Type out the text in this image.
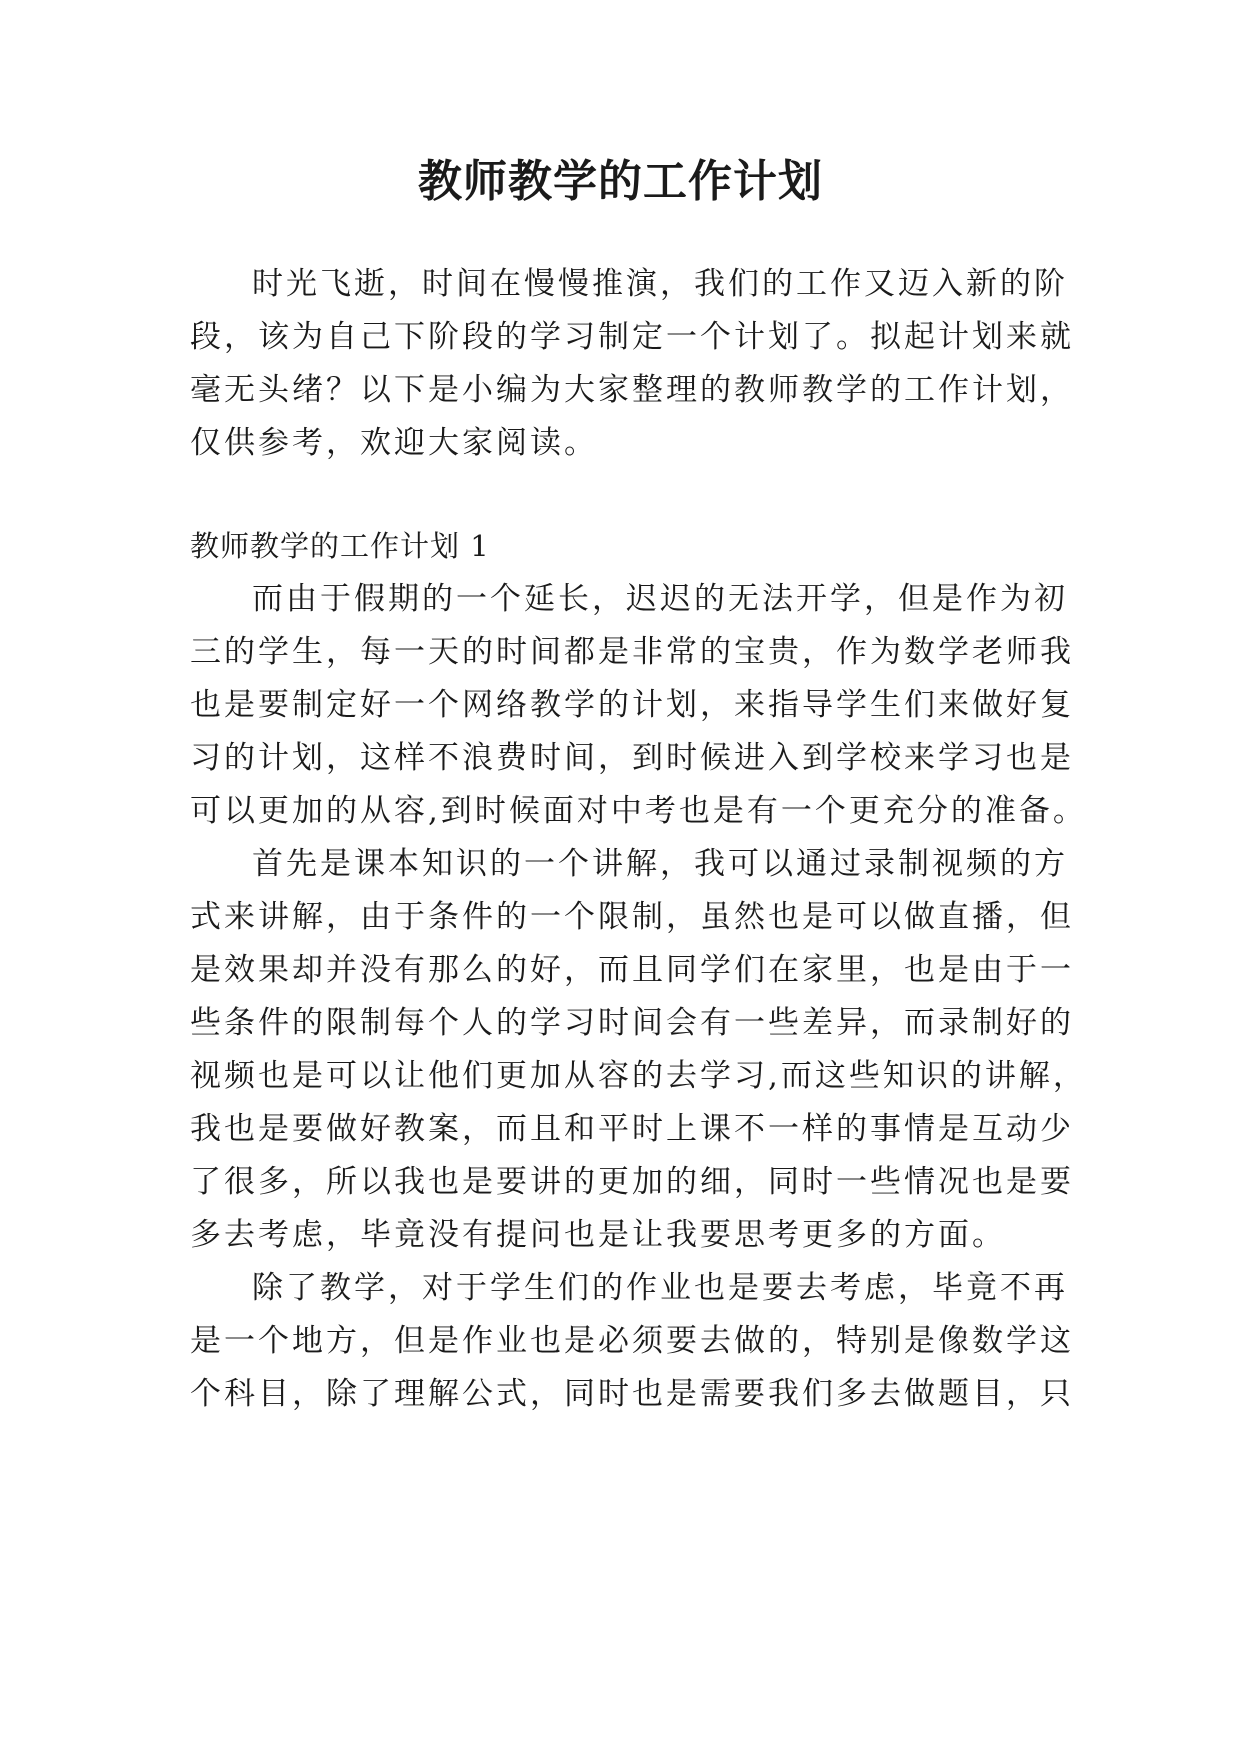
教师教学的工作计划
时光飞逝，时间在慢慢推演，我们的工作又迈入新的阶
段，该为自己下阶段的学习制定一个计划了。拟起计划来就
毫无头绪？以下是小编为大家整理的教师教学的工作计划，
仅供参考，欢迎大家阅读。
教师教学的工作计划 1
而由于假期的一个延长，迟迟的无法开学，但是作为初
三的学生，每一天的时间都是非常的宝贵，作为数学老师我
也是要制定好一个网络教学的计划，来指导学生们来做好复
习的计划，这样不浪费时间，到时候进入到学校来学习也是
可以更加的从容,到时候面对中考也是有一个更充分的准备。
首先是课本知识的一个讲解，我可以通过录制视频的方
式来讲解，由于条件的一个限制，虽然也是可以做直播，但
是效果却并没有那么的好，而且同学们在家里，也是由于一
些条件的限制每个人的学习时间会有一些差异，而录制好的
视频也是可以让他们更加从容的去学习,而这些知识的讲解，
我也是要做好教案，而且和平时上课不一样的事情是互动少
了很多，所以我也是要讲的更加的细，同时一些情况也是要
多去考虑，毕竟没有提问也是让我要思考更多的方面。
除了教学，对于学生们的作业也是要去考虑，毕竟不再
是一个地方，但是作业也是必须要去做的，特别是像数学这
个科目，除了理解公式，同时也是需要我们多去做题目，只
